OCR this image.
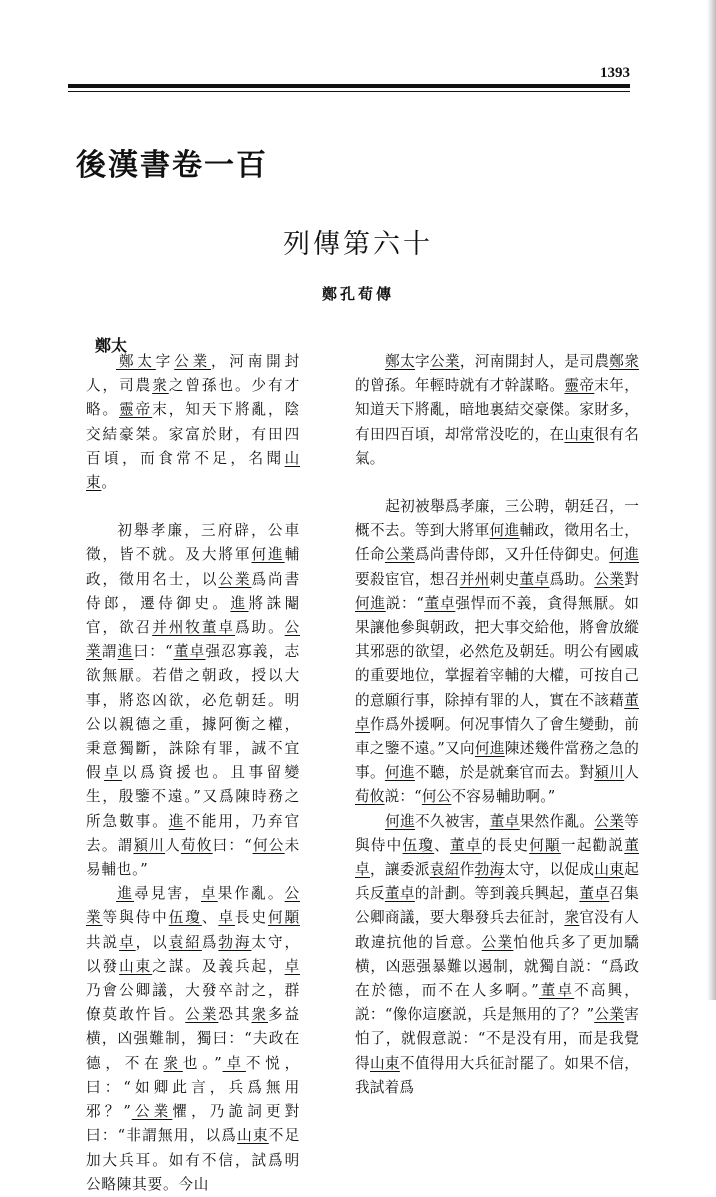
1393
後漢書卷一百
列傳第六十
鄭孔荀傳
鄭太

鄭太字公業，河南開封人，司農衆之曾孫也。少有才略。靈帝末，知天下將亂，陰交結豪桀。家富於財，有田四百頃，而食常不足，名聞山東。

初舉孝廉，三府辟，公車徵，皆不就。及大將軍何進輔政，徵用名士，以公業爲尚書侍郎，遷侍御史。進將誅閹官，欲召并州牧董卓爲助。公業謂進曰：“董卓强忍寡義，志欲無厭。若借之朝政，授以大事，將恣凶欲，必危朝廷。明公以親德之重，據阿衡之權，秉意獨斷，誅除有罪，誠不宜假卓以爲資援也。且事留變生，殷鑒不遠。”又爲陳時務之所急數事。進不能用，乃弃官去。謂潁川人荀攸曰：“何公未易輔也。”

進尋見害，卓果作亂。公業等與侍中伍瓊、卓長史何顒共説卓，以袁紹爲勃海太守，以發山東之謀。及義兵起，卓乃會公卿議，大發卒討之，群僚莫敢忤旨。公業恐其衆多益横，凶强難制，獨曰：“夫政在德，不在衆也。”卓不悦，曰：“如卿此言，兵爲無用邪？”公業懼，乃詭詞更對曰：“非謂無用，以爲山東不足加大兵耳。如有不信，試爲明公略陳其要。今山

鄭太字公業，河南開封人，是司農鄭衆的曾孫。年輕時就有才幹謀略。靈帝末年，知道天下將亂，暗地裏結交豪傑。家財多，有田四百頃，却常常没吃的，在山東很有名氣。

起初被舉爲孝廉，三公聘，朝廷召，一概不去。等到大將軍何進輔政，徵用名士，任命公業爲尚書侍郎，又升任侍御史。何進要殺宦官，想召并州刺史董卓爲助。公業對何進説：“董卓强悍而不義，貪得無厭。如果讓他參與朝政，把大事交給他，將會放縱其邪惡的欲望，必然危及朝廷。明公有國戚的重要地位，掌握着宰輔的大權，可按自己的意願行事，除掉有罪的人，實在不該藉董卓作爲外援啊。何况事情久了會生變動，前車之鑒不遠。”又向何進陳述幾件當務之急的事。何進不聽，於是就棄官而去。對潁川人荀攸説：“何公不容易輔助啊。”

何進不久被害，董卓果然作亂。公業等與侍中伍瓊、董卓的長史何顒一起勸説董卓，讓委派袁紹作勃海太守，以促成山東起兵反董卓的計劃。等到義兵興起，董卓召集公卿商議，要大舉發兵去征討，衆官没有人敢違抗他的旨意。公業怕他兵多了更加驕横，凶惡强暴難以遏制，就獨自説：“爲政在於德，而不在人多啊。”董卓不高興，説：“像你這麽説，兵是無用的了？”公業害怕了，就假意説：“不是没有用，而是我覺得山東不值得用大兵征討罷了。如果不信，我試着爲
